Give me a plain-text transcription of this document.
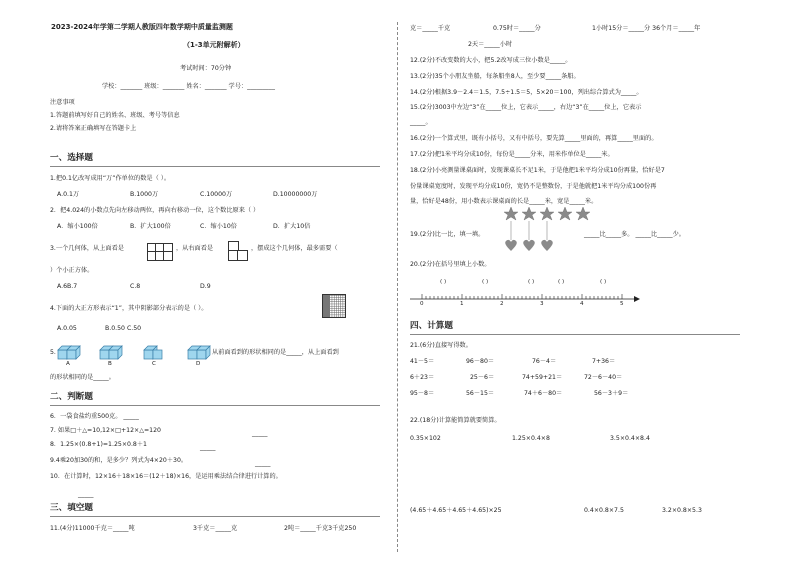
2023-2024年学第二学期人教版四年数学期中质量监测题
（1-3单元附解析）
考试时间：70分钟
学校：_______ 班级：_______ 姓名：_______ 学号：_________
注意事项
1.答题前填写好自己的姓名、班级、考号等信息
2.请将答案正确填写在答题卡上
一、选择题
1.把0.1亿改写成用“万”作单位的数是（ ）。
A.0.1万	B.1000万	C.10000万	D.10000000万
2．把4.024的小数点先向左移动两位，再向右移动一位，这个数比原来（ ）
A．缩小100倍	B．扩大100倍	C．缩小10倍	D．扩大10倍
3.一个几何体，从上面看是	，从右面看是	，摆成这个几何体，最多需要（
）个小正方体。
A.6B.7	C.8	D.9
4.下面的大正方形表示“1”，其中阴影部分表示的是（ ）。
A.0.05	B.0.50 C.50
5.
A	B	C	D
从前面看到的形状相同的是_____，从上面看到
的形状相同的是_____。
二、判断题
6．一袋食盐约重500克。 _____
7. 如果□＋△=10,12×□+12×△=120	_____
8．1.25×(0.8+1)=1.25×0.8＋1	_____
9.4乘20加30的和，是多少？列式为4×20＋30。	_____
10．在计算时，12×16＋18×16＝(12＋18)×16，是运用乘法结合律进行计算的。
_____
三、填空题
11.(4分)11000千克＝_____吨	3千克＝_____克	2吨＝_____千克3千克250
克＝_____千克	0.75时＝_____分	1小时15分＝_____分 36个月＝_____年
2天＝_____小时
12.(2分)不改变数的大小，把5.2改写成三位小数是_____。
13.(2分)35个小朋友坐船，每条船坐8人，至少要_____条船。
14.(2分)根据3.9－2.4＝1.5，7.5÷1.5＝5，5×20＝100，列出综合算式为_____。
15.(2分)3003中左边“3”在_____位上，它表示_____，右边“3”在_____位上，它表示
_____。
16.(2分)一个算式里，既有小括号，又有中括号，要先算_____里面的，再算_____里面的。
17.(2分)把1米平均分成10份，每份是_____分米，用米作单位是_____米。
18.(2分)小亮测量课桌面时，发现课桌长不足1米，于是他把1米平均分成10份再量，恰好是7
份量课桌宽度时，发现平均分成10份，宽仍不是整数份，于是他就把1米平均分成100份再
量，恰好是48份，用小数表示课桌面的长是_____米，宽是_____米。
19.(2分)比一比，填一填。	_____比_____多。 _____比_____少。
20.(2分)在括号里填上小数。
0	1	2	3	4	5
( )	( )	( )	( )	( )
四、计算题
21.(6分)直接写得数。
41－5＝	96－80＝	76－4＝	7+36＝
6＋23＝	25－6＝	74+59+21＝	72－6－40＝
95－8＝	56－15＝	74＋6－80＝	56－3＋9＝
22.(18分)计算能简算就要简算。
0.35×102	1.25×0.4×8	3.5×0.4×8.4
(4.65＋4.65＋4.65＋4.65)×25	0.4×0.8×7.5	3.2×0.8×5.3
